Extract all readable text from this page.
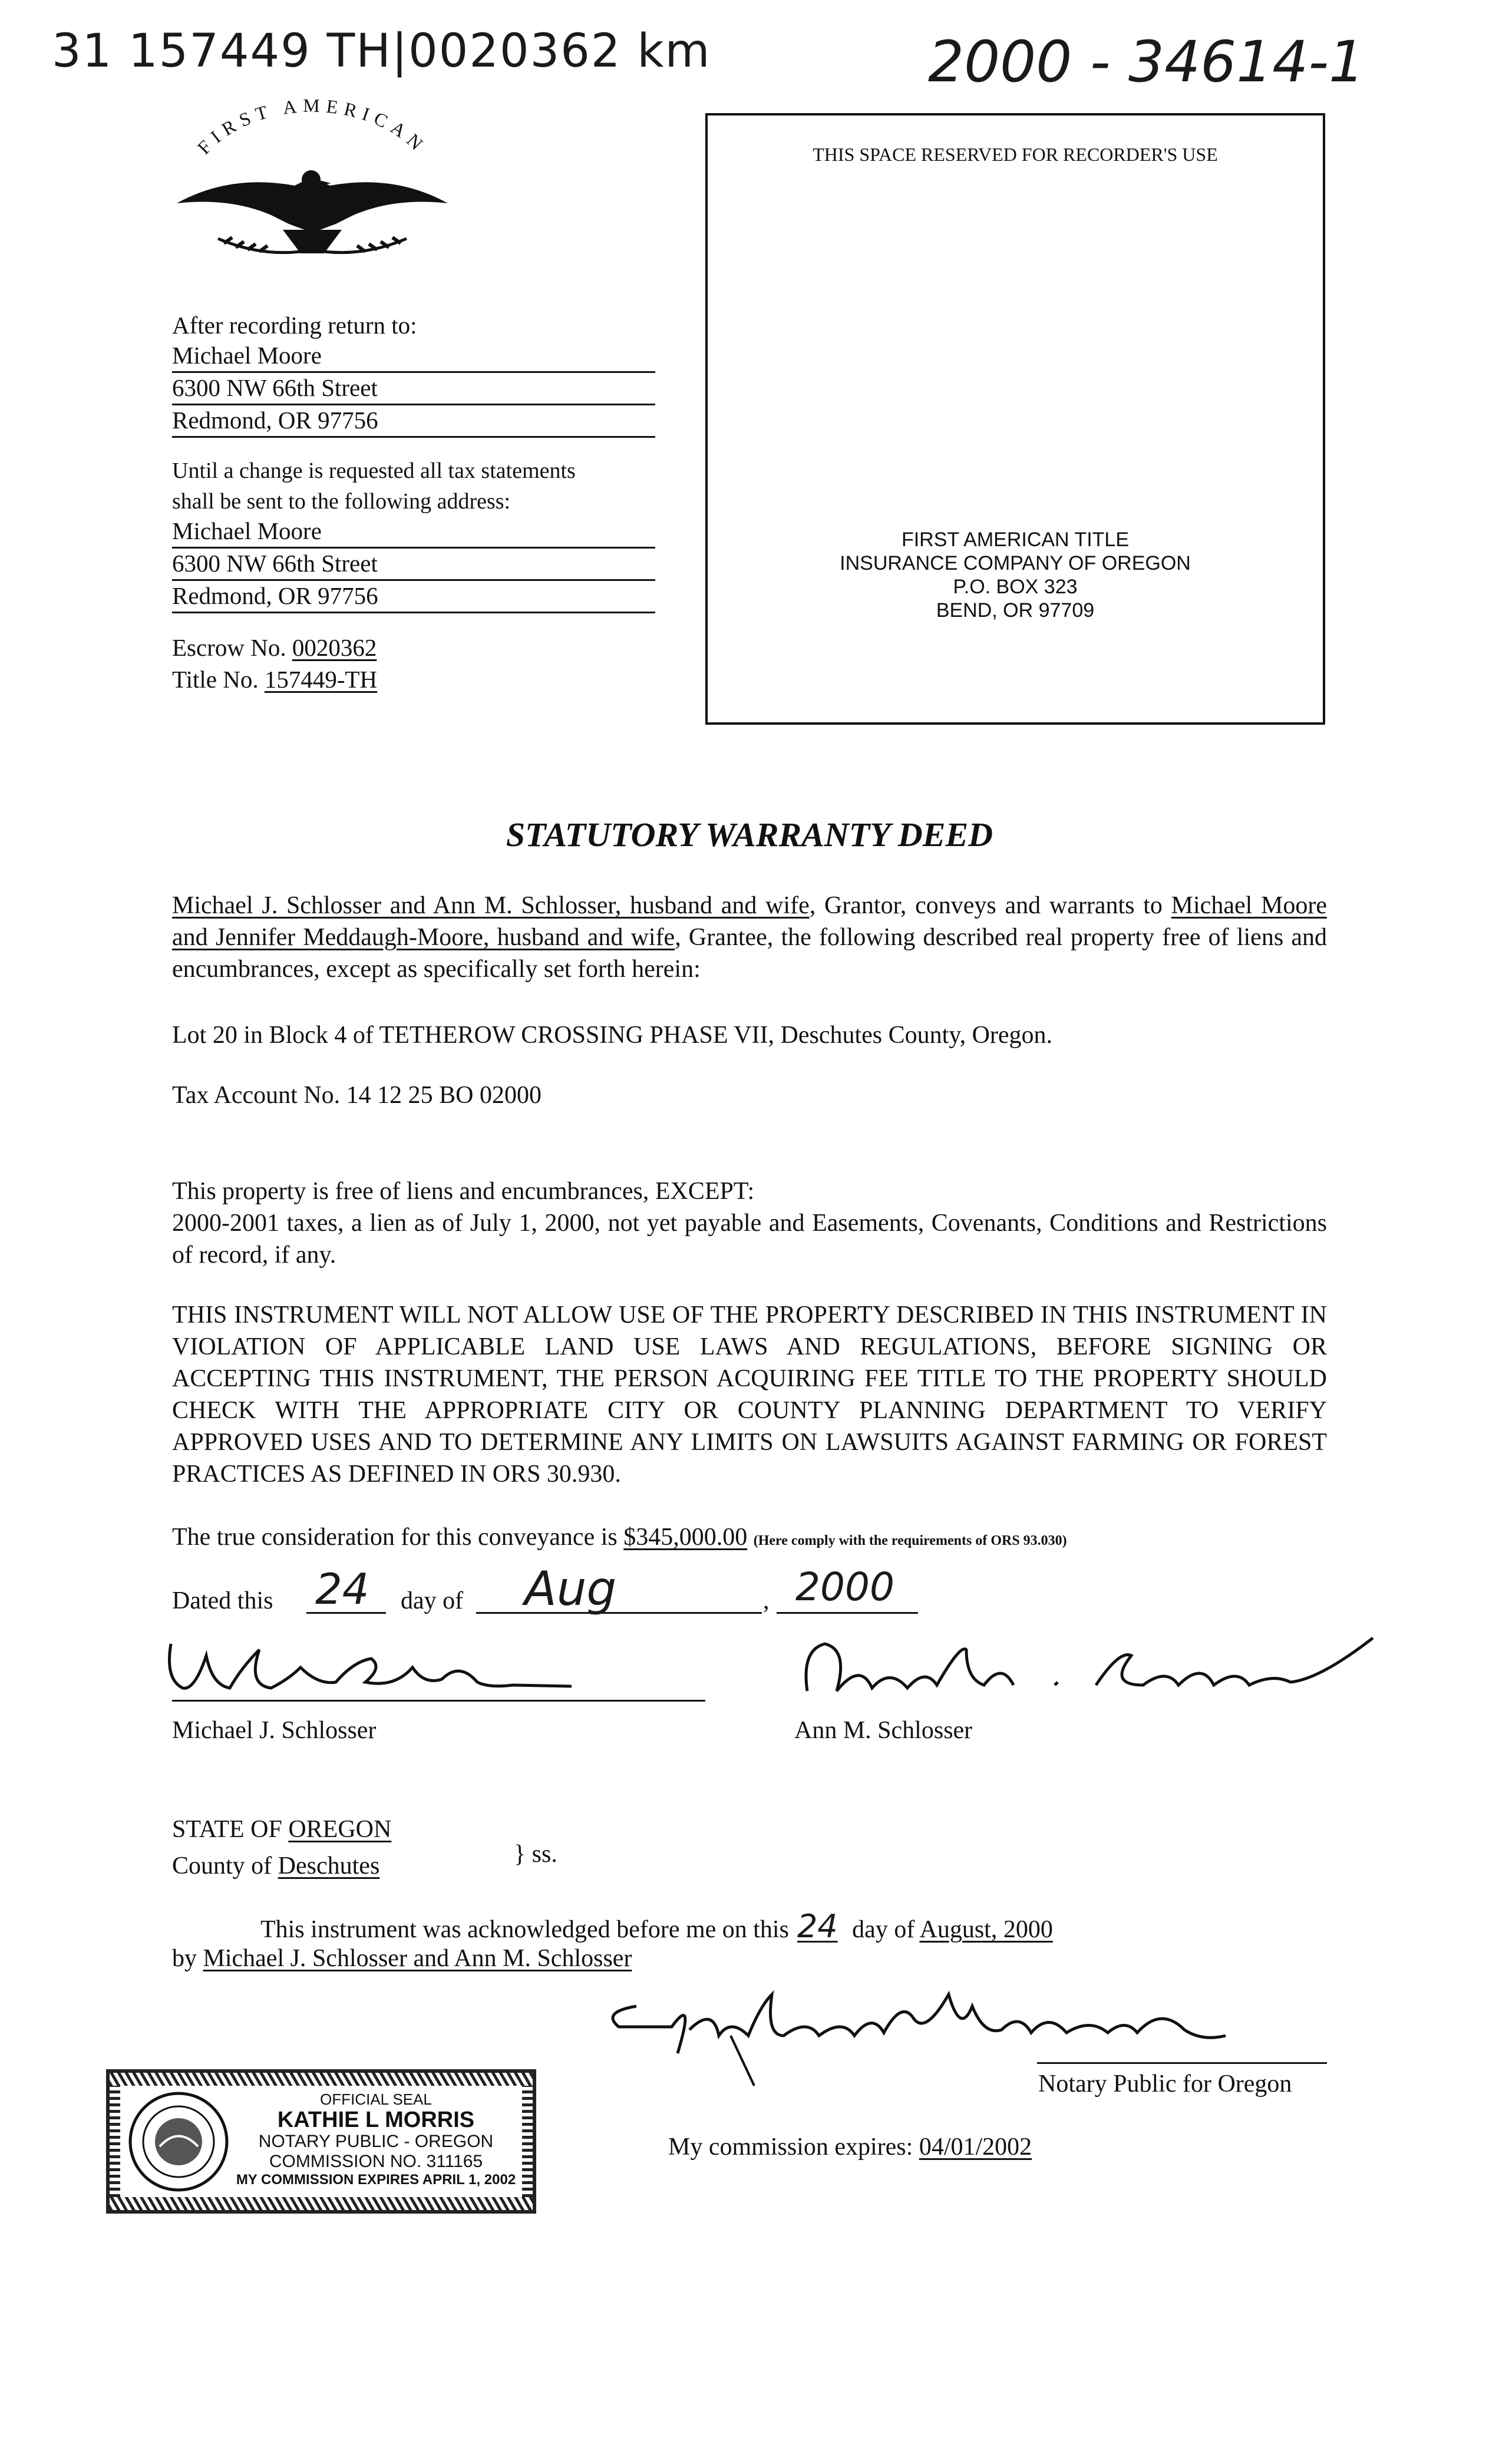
31 157449 TH|0020362 km	2000 - 34614-1
FIRST AMERICAN	THIS SPACE RESERVED FOR RECORDER'S USE
FIRST AMERICAN TITLE
INSURANCE COMPANY OF OREGON
P.O. BOX 323
BEND, OR 97709
After recording return to:
Michael Moore
6300 NW 66th Street
Redmond, OR 97756
Until a change is requested all tax statements
shall be sent to the following address:
Michael Moore
6300 NW 66th Street
Redmond, OR 97756
Escrow No. 0020362
Title No. 157449-TH
STATUTORY WARRANTY DEED
Michael J. Schlosser and Ann M. Schlosser, husband and wife, Grantor, conveys and warrants to Michael Moore and Jennifer Meddaugh-Moore, husband and wife, Grantee, the following described real property free of liens and encumbrances, except as specifically set forth herein:
Lot 20 in Block 4 of TETHEROW CROSSING PHASE VII, Deschutes County, Oregon.
Tax Account No. 14 12 25 BO 02000
This property is free of liens and encumbrances, EXCEPT:
2000-2001 taxes, a lien as of July 1, 2000, not yet payable and Easements, Covenants, Conditions and Restrictions of record, if any.
THIS INSTRUMENT WILL NOT ALLOW USE OF THE PROPERTY DESCRIBED IN THIS INSTRUMENT IN VIOLATION OF APPLICABLE LAND USE LAWS AND REGULATIONS, BEFORE SIGNING OR ACCEPTING THIS INSTRUMENT, THE PERSON ACQUIRING FEE TITLE TO THE PROPERTY SHOULD CHECK WITH THE APPROPRIATE CITY OR COUNTY PLANNING DEPARTMENT TO VERIFY APPROVED USES AND TO DETERMINE ANY LIMITS ON LAWSUITS AGAINST FARMING OR FOREST PRACTICES AS DEFINED IN ORS 30.930.
The true consideration for this conveyance is $345,000.00 (Here comply with the requirements of ORS 93.030)
Dated this 24 day of Aug	, 2000
Michael J. Schlosser	Ann M. Schlosser
STATE OF OREGON
County of Deschutes	} ss.
This instrument was acknowledged before me on this 24 day of August, 2000
by Michael J. Schlosser and Ann M. Schlosser
Notary Public for Oregon
My commission expires: 04/01/2002
OFFICIAL SEAL
KATHIE L MORRIS
NOTARY PUBLIC - OREGON
COMMISSION NO. 311165
MY COMMISSION EXPIRES APRIL 1, 2002
